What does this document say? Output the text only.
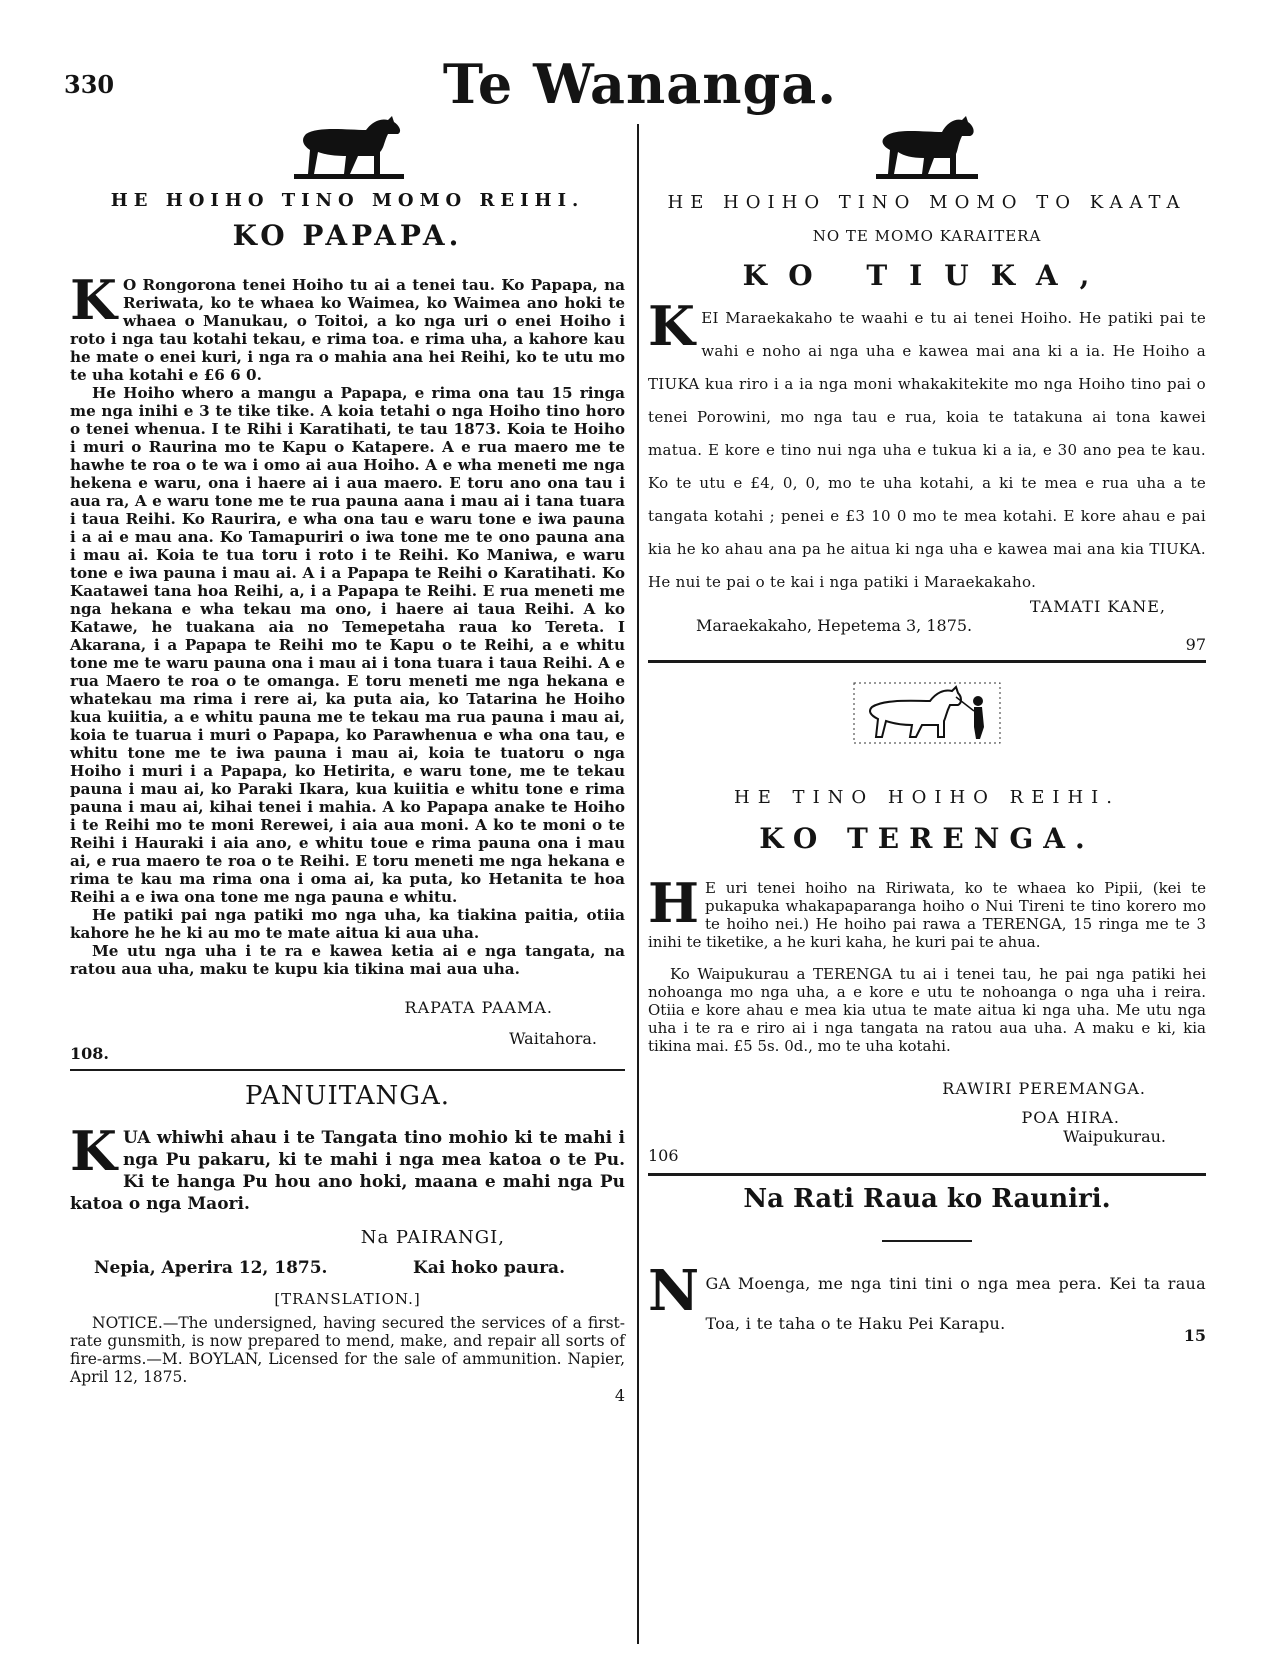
330	Te Wananga.
HE HOIHO TINO MOMO REIHI.
KO PAPAPA.

K O Rongorona tenei Hoiho tu ai a tenei tau. Ko Papapa, na Reriwata, ko te whaea ko Waimea, ko Waimea ano hoki te whaea o Manukau, o Toitoi, a ko nga uri o enei Hoiho i roto i nga tau kotahi tekau, e rima toa. e rima uha, a kahore kau he mate o enei kuri, i nga ra o mahia ana hei Reihi, ko te utu mo te uha kotahi e £6 6 0.

He Hoiho whero a mangu a Papapa, e rima ona tau 15 ringa me nga inihi e 3 te tike tike. A koia tetahi o nga Hoiho tino horo o tenei whenua. I te Rihi i Karatihati, te tau 1873. Koia te Hoiho i muri o Raurina mo te Kapu o Katapere. A e rua maero me te hawhe te roa o te wa i omo ai aua Hoiho. A e wha meneti me nga hekena e waru, ona i haere ai i aua maero. E toru ano ona tau i aua ra, A e waru tone me te rua pauna aana i mau ai i tana tuara i taua Reihi. Ko Raurira, e wha ona tau e waru tone e iwa pauna i a ai e mau ana. Ko Tamapuriri o iwa tone me te ono pauna ana i mau ai. Koia te tua toru i roto i te Reihi. Ko Maniwa, e waru tone e iwa pauna i mau ai. A i a Papapa te Reihi o Karatihati. Ko Kaatawei tana hoa Reihi, a, i a Papapa te Reihi. E rua meneti me nga hekana e wha tekau ma ono, i haere ai taua Reihi. A ko Katawe, he tuakana aia no Temepetaha raua ko Tereta. I Akarana, i a Papapa te Reihi mo te Kapu o te Reihi, a e whitu tone me te waru pauna ona i mau ai i tona tuara i taua Reihi. A e rua Maero te roa o te omanga. E toru meneti me nga hekana e whatekau ma rima i rere ai, ka puta aia, ko Tatarina he Hoiho kua kuiitia, a e whitu pauna me te tekau ma rua pauna i mau ai, koia te tuarua i muri o Papapa, ko Parawhenua e wha ona tau, e whitu tone me te iwa pauna i mau ai, koia te tuatoru o nga Hoiho i muri i a Papapa, ko Hetirita, e waru tone, me te tekau pauna i mau ai, ko Paraki Ikara, kua kuiitia e whitu tone e rima pauna i mau ai, kihai tenei i mahia. A ko Papapa anake te Hoiho i te Reihi mo te moni Rerewei, i aia aua moni. A ko te moni o te Reihi i Hauraki i aia ano, e whitu toue e rima pauna ona i mau ai, e rua maero te roa o te Reihi. E toru meneti me nga hekana e rima te kau ma rima ona i oma ai, ka puta, ko Hetanita te hoa Reihi a e iwa ona tone me nga pauna e whitu.

He patiki pai nga patiki mo nga uha, ka tiakina paitia, otiia kahore he he ki au mo te mate aitua ki aua uha.

Me utu nga uha i te ra e kawea ketia ai e nga tangata, na ratou aua uha, maku te kupu kia tikina mai aua uha.

RAPATA PAAMA.
Waitahora.
108.
PANUITANGA.

KUA whiwhi ahau i te Tangata tino mohio ki te mahi i nga Pu pakaru, ki te mahi i nga mea katoa o te Pu. Ki te hanga Pu hou ano hoki, maana e mahi nga Pu katoa o nga Maori.

Na PAIRANGI,
Nepia, Aperira 12, 1875.	Kai hoko paura.
[TRANSLATION.]

NOTICE.—The undersigned, having secured the services of a first-rate gunsmith, is now prepared to mend, make, and repair all sorts of fire-arms.—M. BOYLAN, Licensed for the sale of ammunition. Napier, April 12, 1875.

4
HE HOIHO TINO MOMO TO KAATA
NO TE MOMO KARAITERA
KO TIUKA,

KEI Maraekakaho te waahi e tu ai tenei Hoiho. He patiki pai te wahi e noho ai nga uha e kawea mai ana ki a ia. He Hoiho a TIUKA kua riro i a ia nga moni whakakitekite mo nga Hoiho tino pai o tenei Porowini, mo nga tau e rua, koia te tatakuna ai tona kawei matua. E kore e tino nui nga uha e tukua ki a ia, e 30 ano pea te kau. Ko te utu e £4, 0, 0, mo te uha kotahi, a ki te mea e rua uha a te tangata kotahi ; penei e £3 10 0 mo te mea kotahi. E kore ahau e pai kia he ko ahau ana pa he aitua ki nga uha e kawea mai ana kia TIUKA. He nui te pai o te kai i nga patiki i Maraekakaho.

TAMATI KANE,
Maraekakaho, Hepetema 3, 1875.
97
HE TINO HOIHO REIHI.
KO TERENGA.

H E uri tenei hoiho na Ririwata, ko te whaea ko Pipii, (kei te pukapuka whakapaparanga hoiho o Nui Tireni te tino korero mo te hoiho nei.) He hoiho pai rawa a TERENGA, 15 ringa me te 3 inihi te tiketike, a he kuri kaha, he kuri pai te ahua.

Ko Waipukurau a TERENGA tu ai i tenei tau, he pai nga patiki hei nohoanga mo nga uha, a e kore e utu te nohoanga o nga uha i reira. Otiia e kore ahau e mea kia utua te mate aitua ki nga uha. Me utu nga uha i te ra e riro ai i nga tangata na ratou aua uha. A maku e ki, kia tikina mai. £5 5s. 0d., mo te uha kotahi.

RAWIRI PEREMANGA.
POA HIRA.
Waipukurau.
106
Na Rati Raua ko Rauniri.

NGA Moenga, me nga tini tini o nga mea pera. Kei ta raua Toa, i te taha o te Haku Pei Karapu.

15
